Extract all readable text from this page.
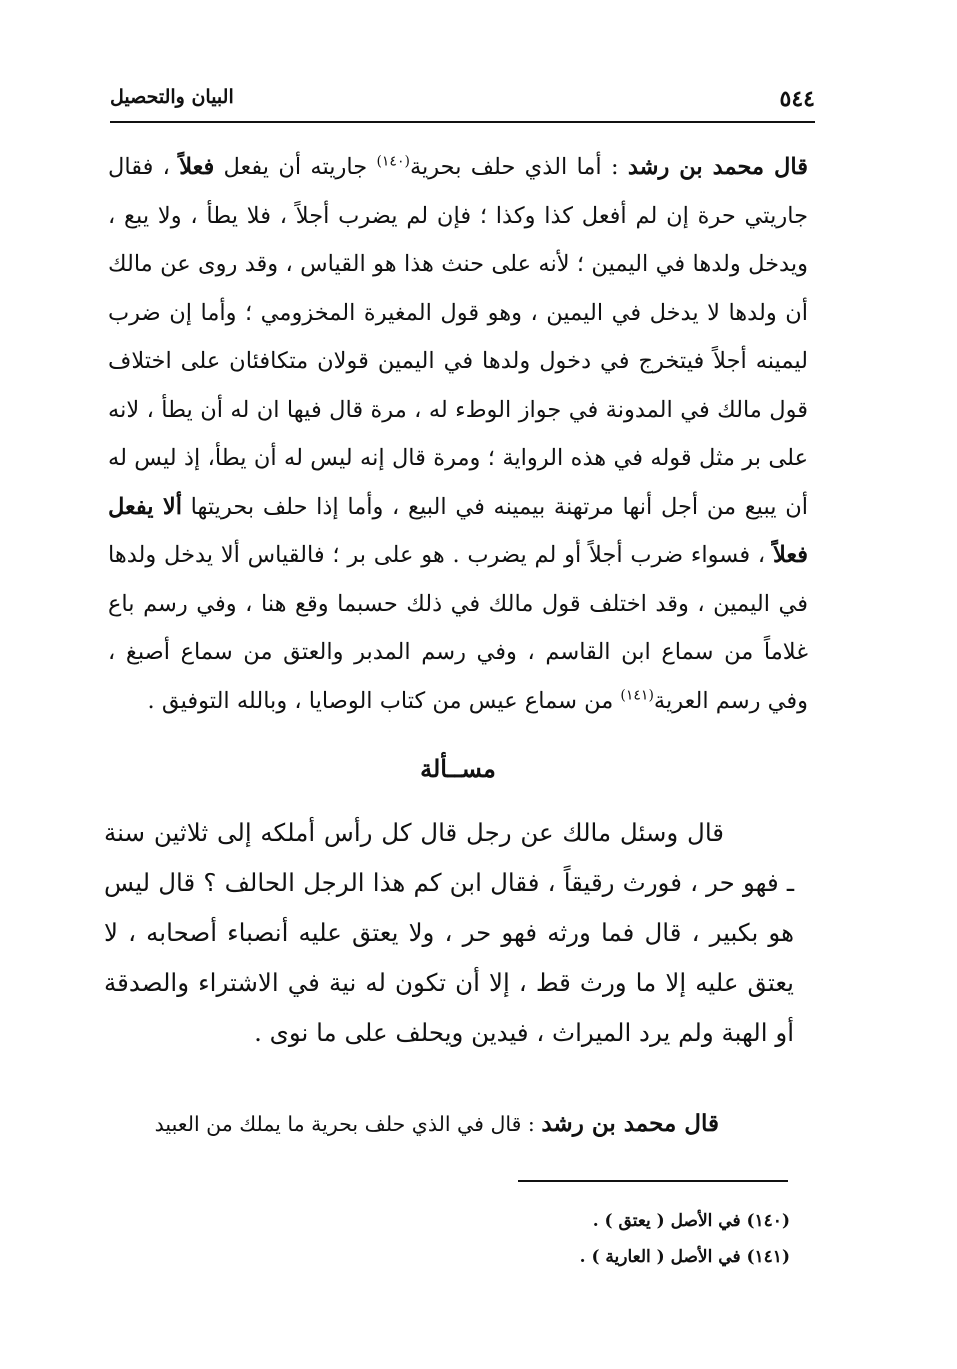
٥٤٤
البيان والتحصيل

قال محمد بن رشد : أما الذي حلف بحرية$^{(١٤٠)}$ جاريته أن يفعل فعلاً ، فقال جاريتي حرة إن لم أفعل كذا وكذا ؛ فإن لم يضرب أجلاً ، فلا يطأ ، ولا يبع ، ويدخل ولدها في اليمين ؛ لأنه على حنث هذا هو القياس ، وقد روى عن مالك أن ولدها لا يدخل في اليمين ، وهو قول المغيرة المخزومي ؛ وأما إن ضرب ليمينه أجلاً فيتخرج في دخول ولدها في اليمين قولان متكافئان على اختلاف قول مالك في المدونة في جواز الوطء له ، مرة قال فيها ان له أن يطأ ، لانه على بر مثل قوله في هذه الرواية ؛ ومرة قال إنه ليس له أن يطأ، إذ ليس له أن يبيع من أجل أنها مرتهنة بيمينه في البيع ، وأما إذا حلف بحريتها ألا يفعل فعلاً ، فسواء ضرب أجلاً أو لم يضرب . هو على بر ؛ فالقياس ألا يدخل ولدها في اليمين ، وقد اختلف قول مالك في ذلك حسبما وقع هنا ، وفي رسم باع غلاماً من سماع ابن القاسم ، وفي رسم المدبر والعتق من سماع أصبغ ، وفي رسم العرية$^{(١٤١)}$ من سماع عيس من كتاب الوصايا ، وبالله التوفيق .

مســألة

قال وسئل مالك عن رجل قال كل رأس أملكه إلى ثلاثين سنة ـ فهو حر ، فورث رقيقاً ، فقال ابن كم هذا الرجل الحالف ؟ قال ليس هو بكبير ، قال فما ورثه فهو حر ، ولا يعتق عليه أنصباء أصحابه ، لا يعتق عليه إلا ما ورث قط ، إلا أن تكون له نية في الاشتراء والصدقة أو الهبة ولم يرد الميراث ، فيدين ويحلف على ما نوى .

قال محمد بن رشد : قال في الذي حلف بحرية ما يملك من العبيد

(١٤٠) في الأصل ( يعتق ) .
(١٤١) في الأصل ( العارية ) .
